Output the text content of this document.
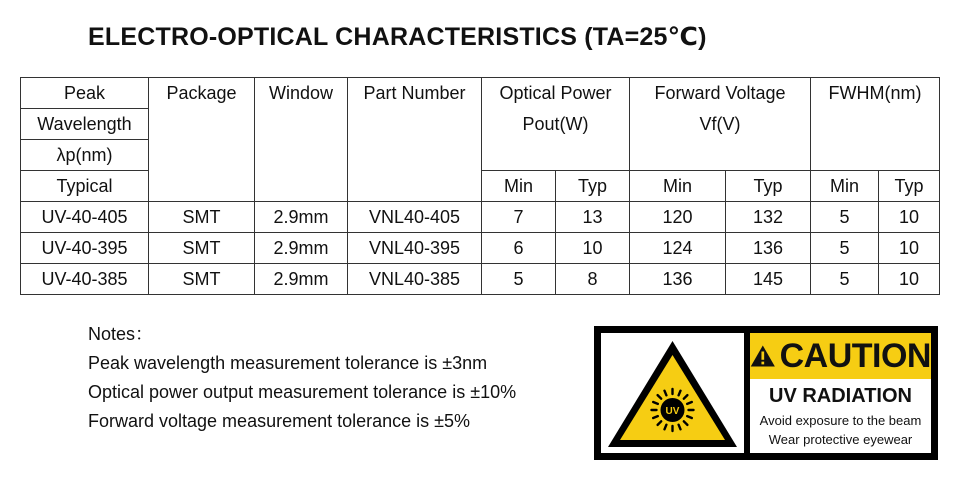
ELECTRO-OPTICAL CHARACTERISTICS (TA=25℃)
Peak	Package	Window	Part Number	Optical Power		Forward Voltage		FWHM(nm)	
Wavelength				Pout(W)		Vf(V)			
λp(nm)									
Typical				Min	Typ	Min	Typ	Min	Typ
UV-40-405	SMT	2.9mm	VNL40-405	7	13	120	132	5	10
UV-40-395	SMT	2.9mm	VNL40-395	6	10	124	136	5	10
UV-40-385	SMT	2.9mm	VNL40-385	5	8	136	145	5	10
Notes：
Peak wavelength measurement tolerance is ±3nm
Optical power output measurement tolerance is ±10%
Forward voltage measurement tolerance is ±5%	UV
CAUTION
UV RADIATION
Avoid exposure to the beam
Wear protective eyewear
